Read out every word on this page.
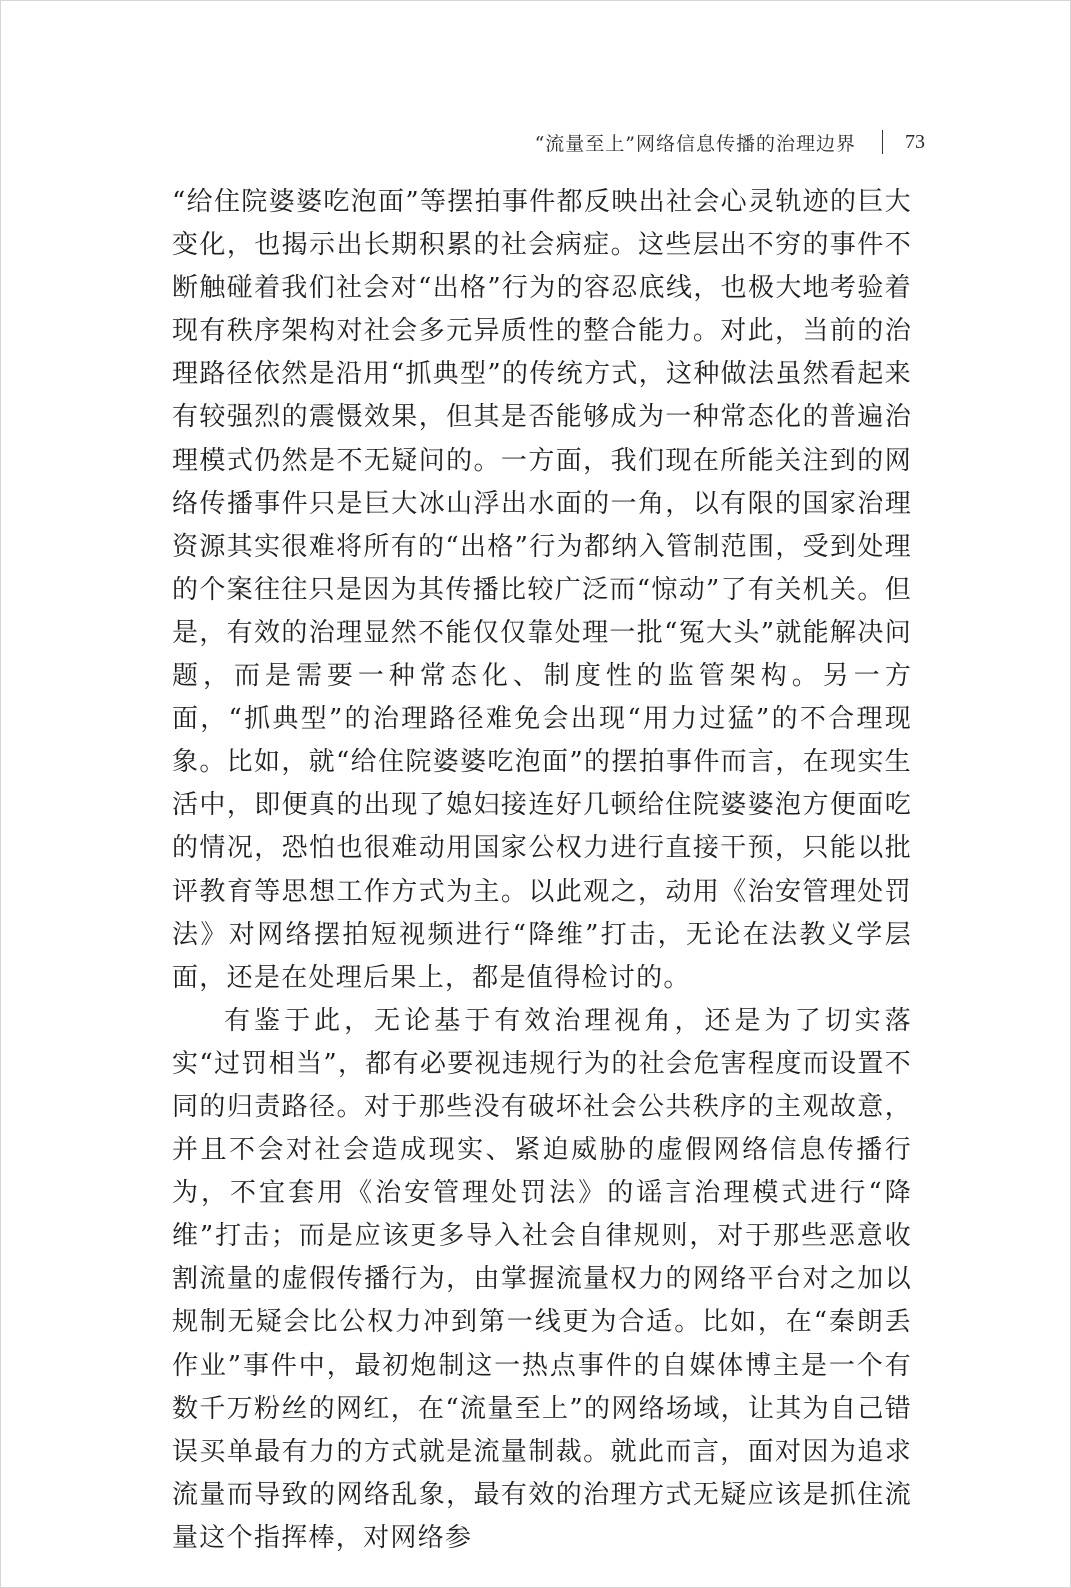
“流量至上”网络信息传播的治理边界 73

“给住院婆婆吃泡面”等摆拍事件都反映出社会心灵轨迹的巨大变化，也揭示出长期积累的社会病症。这些层出不穷的事件不断触碰着我们社会对“出格”行为的容忍底线，也极大地考验着现有秩序架构对社会多元异质性的整合能力。对此，当前的治理路径依然是沿用“抓典型”的传统方式，这种做法虽然看起来有较强烈的震慑效果，但其是否能够成为一种常态化的普遍治理模式仍然是不无疑问的。一方面，我们现在所能关注到的网络传播事件只是巨大冰山浮出水面的一角，以有限的国家治理资源其实很难将所有的“出格”行为都纳入管制范围，受到处理的个案往往只是因为其传播比较广泛而“惊动”了有关机关。但是，有效的治理显然不能仅仅靠处理一批“冤大头”就能解决问题，而是需要一种常态化、制度性的监管架构。另一方面，“抓典型”的治理路径难免会出现“用力过猛”的不合理现象。比如，就“给住院婆婆吃泡面”的摆拍事件而言，在现实生活中，即便真的出现了媳妇接连好几顿给住院婆婆泡方便面吃的情况，恐怕也很难动用国家公权力进行直接干预，只能以批评教育等思想工作方式为主。以此观之，动用《治安管理处罚法》对网络摆拍短视频进行“降维”打击，无论在法教义学层面，还是在处理后果上，都是值得检讨的。

有鉴于此，无论基于有效治理视角，还是为了切实落实“过罚相当”，都有必要视违规行为的社会危害程度而设置不同的归责路径。对于那些没有破坏社会公共秩序的主观故意，并且不会对社会造成现实、紧迫威胁的虚假网络信息传播行为，不宜套用《治安管理处罚法》的谣言治理模式进行“降维”打击；而是应该更多导入社会自律规则，对于那些恶意收割流量的虚假传播行为，由掌握流量权力的网络平台对之加以规制无疑会比公权力冲到第一线更为合适。比如，在“秦朗丢作业”事件中，最初炮制这一热点事件的自媒体博主是一个有数千万粉丝的网红，在“流量至上”的网络场域，让其为自己错误买单最有力的方式就是流量制裁。就此而言，面对因为追求流量而导致的网络乱象，最有效的治理方式无疑应该是抓住流量这个指挥棒，对网络参
